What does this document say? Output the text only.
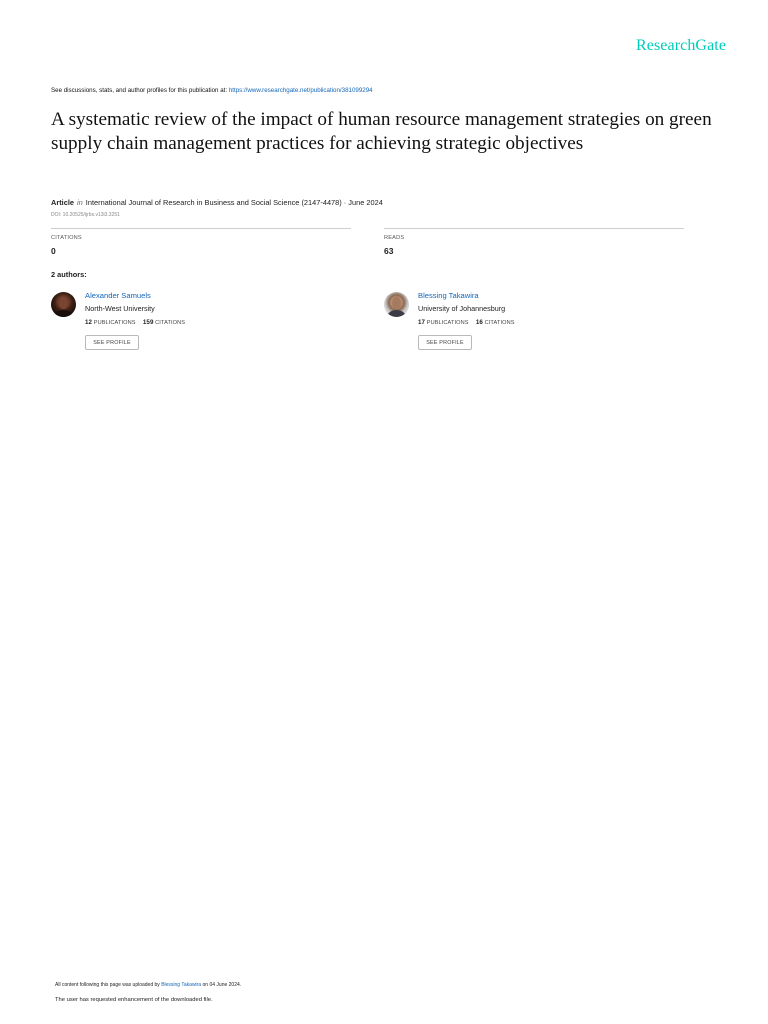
ResearchGate
See discussions, stats, and author profiles for this publication at: https://www.researchgate.net/publication/381099294
A systematic review of the impact of human resource management strategies on green supply chain management practices for achieving strategic objectives
Article in International Journal of Research in Business and Social Science (2147-4478) · June 2024
DOI: 10.20525/ijrbs.v13i3.3251
CITATIONS
0
READS
63
2 authors:
Alexander Samuels
North-West University
12 PUBLICATIONS 159 CITATIONS
SEE PROFILE
Blessing Takawira
University of Johannesburg
17 PUBLICATIONS 16 CITATIONS
SEE PROFILE
All content following this page was uploaded by Blessing Takawira on 04 June 2024.
The user has requested enhancement of the downloaded file.
